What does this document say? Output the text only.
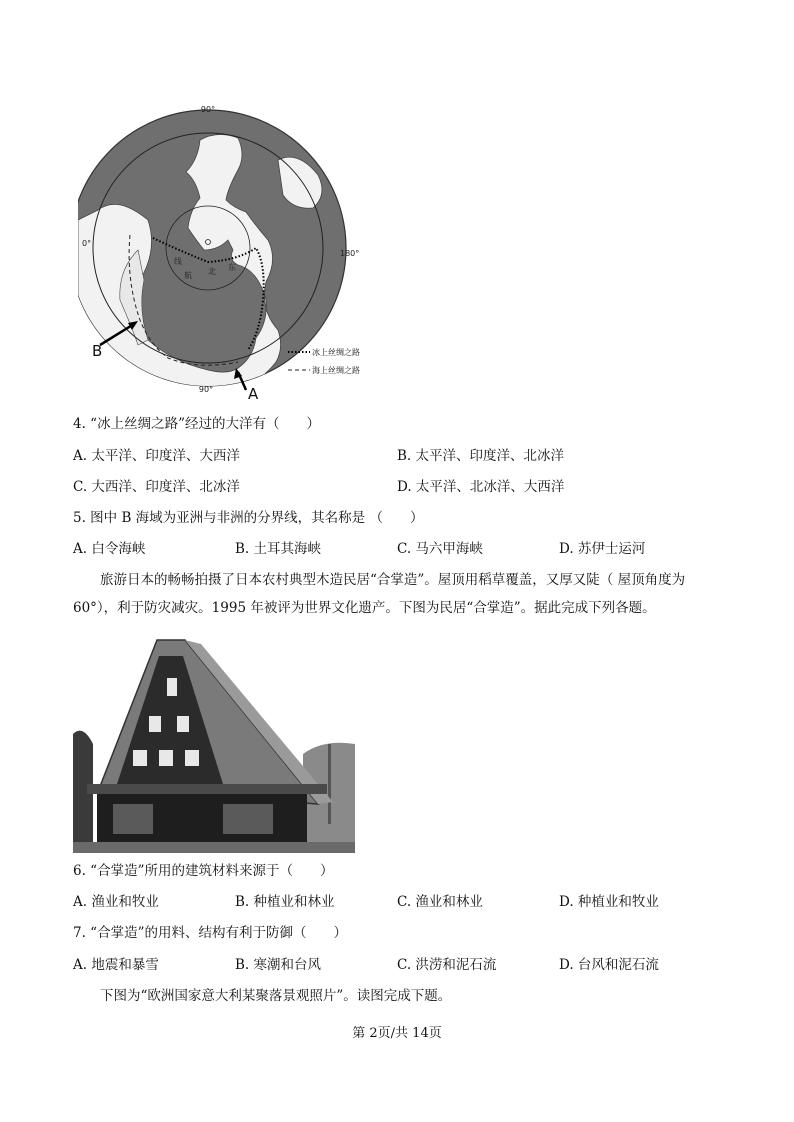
90°
0°
180°
90°
B
A
线
航 北 东
冰上丝绸之路
海上丝绸之路
4. “冰上丝绸之路”经过的大洋有（　　）
A. 太平洋、印度洋、大西洋	B. 太平洋、印度洋、北冰洋
C. 大西洋、印度洋、北冰洋	D. 太平洋、北冰洋、大西洋
5. 图中 B 海域为亚洲与非洲的分界线，其名称是 （　　）
A. 白令海峡	B. 土耳其海峡	C. 马六甲海峡	D. 苏伊士运河
旅游日本的畅畅拍摄了日本农村典型木造民居“合掌造”。屋顶用稻草覆盖，又厚又陡（ 屋顶角度为 60°），利于防灾减灾。1995 年被评为世界文化遗产。下图为民居“合掌造”。据此完成下列各题。
6. “合掌造”所用的建筑材料来源于（　　）
A. 渔业和牧业	B. 种植业和林业	C. 渔业和林业	D. 种植业和牧业
7. “合掌造”的用料、结构有利于防御（　　）
A. 地震和暴雪	B. 寒潮和台风	C. 洪涝和泥石流	D. 台风和泥石流
下图为“欧洲国家意大利某聚落景观照片”。读图完成下题。
第 2页/共 14页
